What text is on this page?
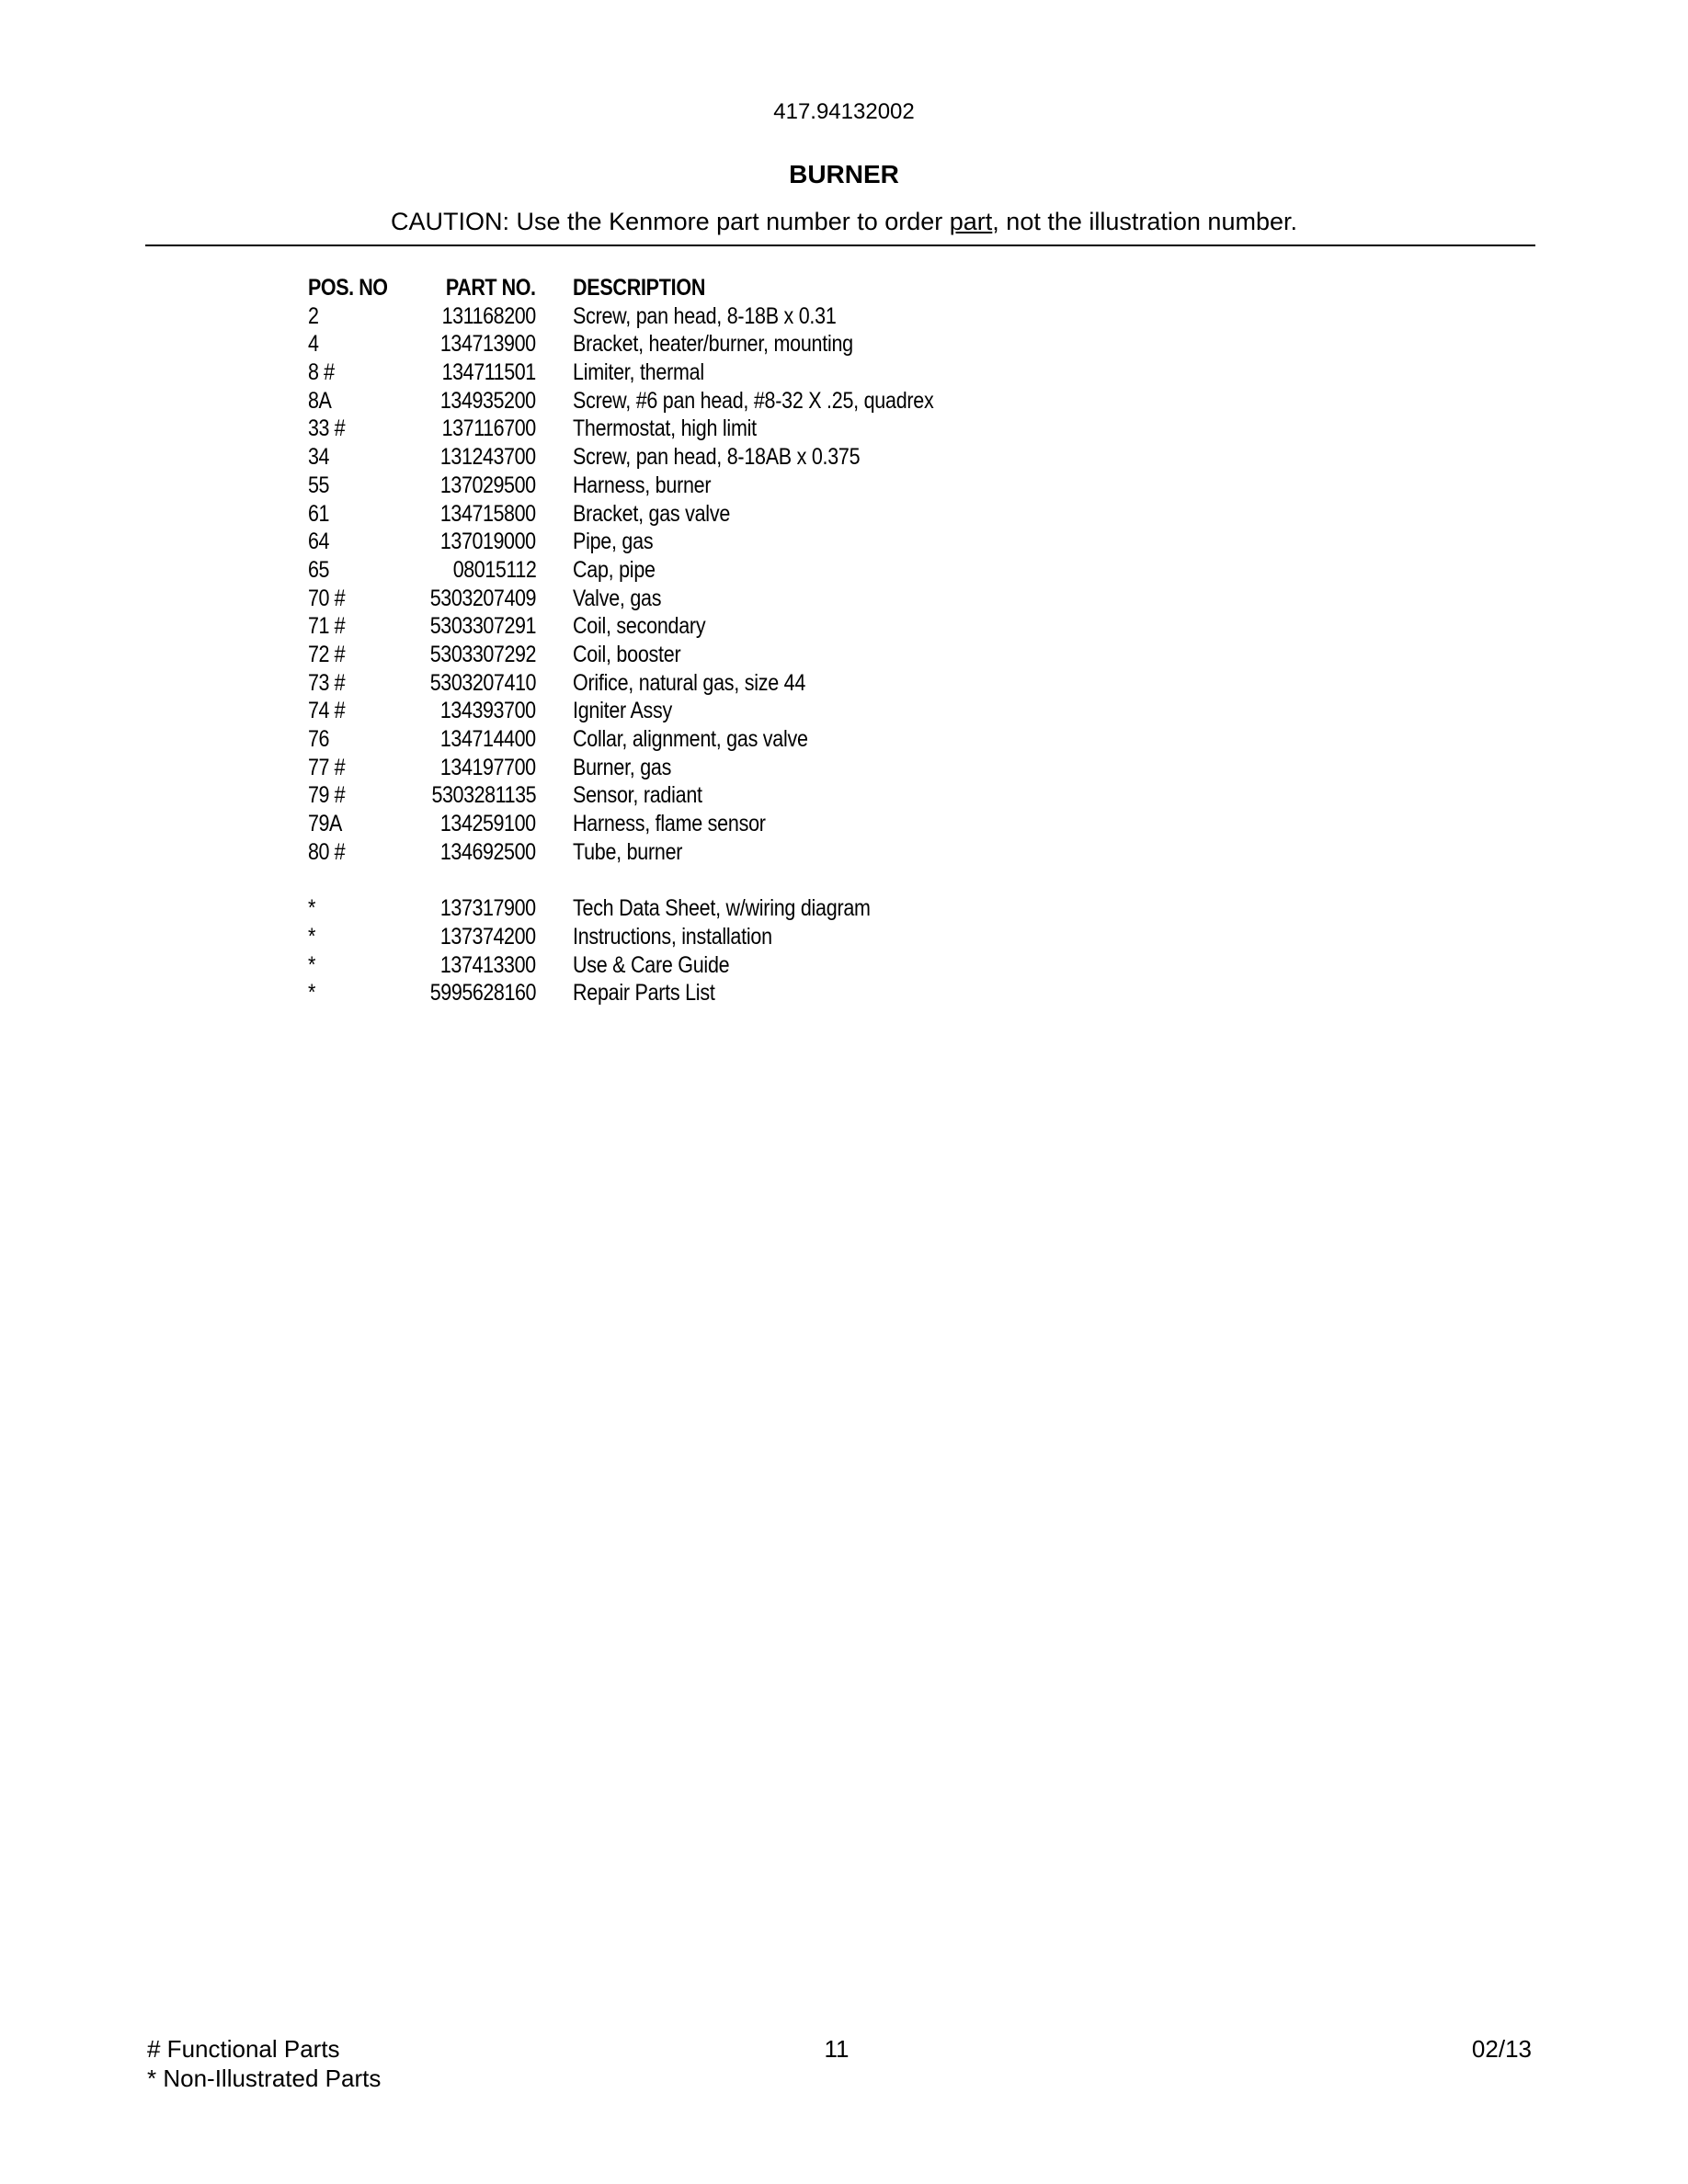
417.94132002
BURNER
CAUTION: Use the Kenmore part number to order part, not the illustration number.
POS. NO	PART NO. DESCRIPTION
2	131168200 Screw, pan head, 8-18B x 0.31
4	134713900 Bracket, heater/burner, mounting
8 #	134711501 Limiter, thermal
8A	134935200 Screw, #6 pan head, #8-32 X .25, quadrex
33 #	137116700 Thermostat, high limit
34	131243700 Screw, pan head, 8-18AB x 0.375
55	137029500 Harness, burner
61	134715800 Bracket, gas valve
64	137019000 Pipe, gas
65	08015112 Cap, pipe
70 #	5303207409 Valve, gas
71 #	5303307291 Coil, secondary
72 #	5303307292 Coil, booster
73 #	5303207410 Orifice, natural gas, size 44
74 #	134393700 Igniter Assy
76	134714400 Collar, alignment, gas valve
77 #	134197700 Burner, gas
79 #	5303281135 Sensor, radiant
79A	134259100 Harness, flame sensor
80 #	134692500 Tube, burner
*	137317900 Tech Data Sheet, w/wiring diagram
*	137374200 Instructions, installation
*	137413300 Use & Care Guide
*	5995628160 Repair Parts List
# Functional Parts
* Non-Illustrated Parts
11	02/13
